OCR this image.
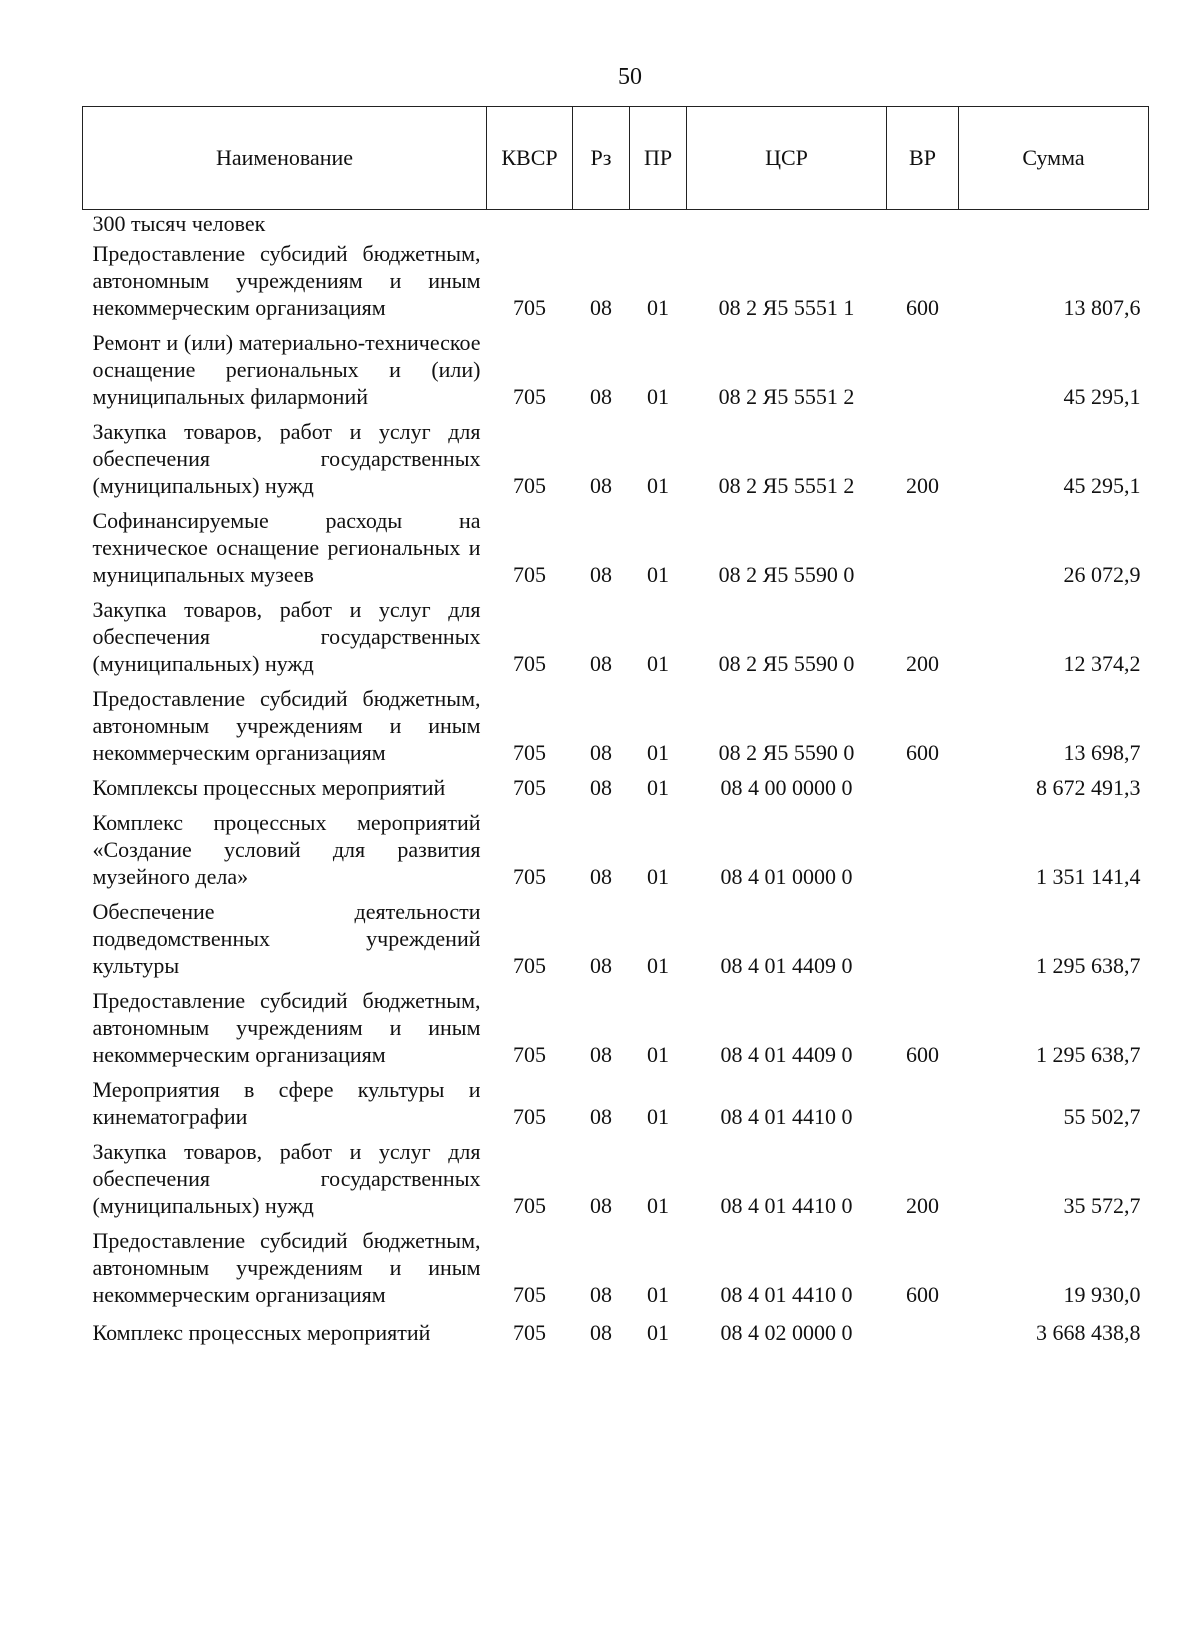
50
Наименование	КВСР	Рз	ПР	ЦСР	ВР	Сумма
300 тысяч человек						
Предоставление субсидий бюджетным, автономным учреждениям и иным некоммерческим организациям	705	08	01	08 2 Я5 5551 1	600	13 807,6
Ремонт и (или) материально-техническое оснащение региональных и (или) муниципальных филармоний	705	08	01	08 2 Я5 5551 2		45 295,1
Закупка товаров, работ и услуг для обеспечения государственных (муниципальных) нужд	705	08	01	08 2 Я5 5551 2	200	45 295,1
Софинансируемые расходы на техническое оснащение региональных и муниципальных музеев	705	08	01	08 2 Я5 5590 0		26 072,9
Закупка товаров, работ и услуг для обеспечения государственных (муниципальных) нужд	705	08	01	08 2 Я5 5590 0	200	12 374,2
Предоставление субсидий бюджетным, автономным учреждениям и иным некоммерческим организациям	705	08	01	08 2 Я5 5590 0	600	13 698,7
Комплексы процессных мероприятий	705	08	01	08 4 00 0000 0		8 672 491,3
Комплекс процессных мероприятий «Создание условий для развития музейного дела»	705	08	01	08 4 01 0000 0		1 351 141,4
Обеспечение деятельности подведомственных учреждений культуры	705	08	01	08 4 01 4409 0		1 295 638,7
Предоставление субсидий бюджетным, автономным учреждениям и иным некоммерческим организациям	705	08	01	08 4 01 4409 0	600	1 295 638,7
Мероприятия в сфере культуры и кинематографии	705	08	01	08 4 01 4410 0		55 502,7
Закупка товаров, работ и услуг для обеспечения государственных (муниципальных) нужд	705	08	01	08 4 01 4410 0	200	35 572,7
Предоставление субсидий бюджетным, автономным учреждениям и иным некоммерческим организациям	705	08	01	08 4 01 4410 0	600	19 930,0
Комплекс процессных мероприятий	705	08	01	08 4 02 0000 0		3 668 438,8
